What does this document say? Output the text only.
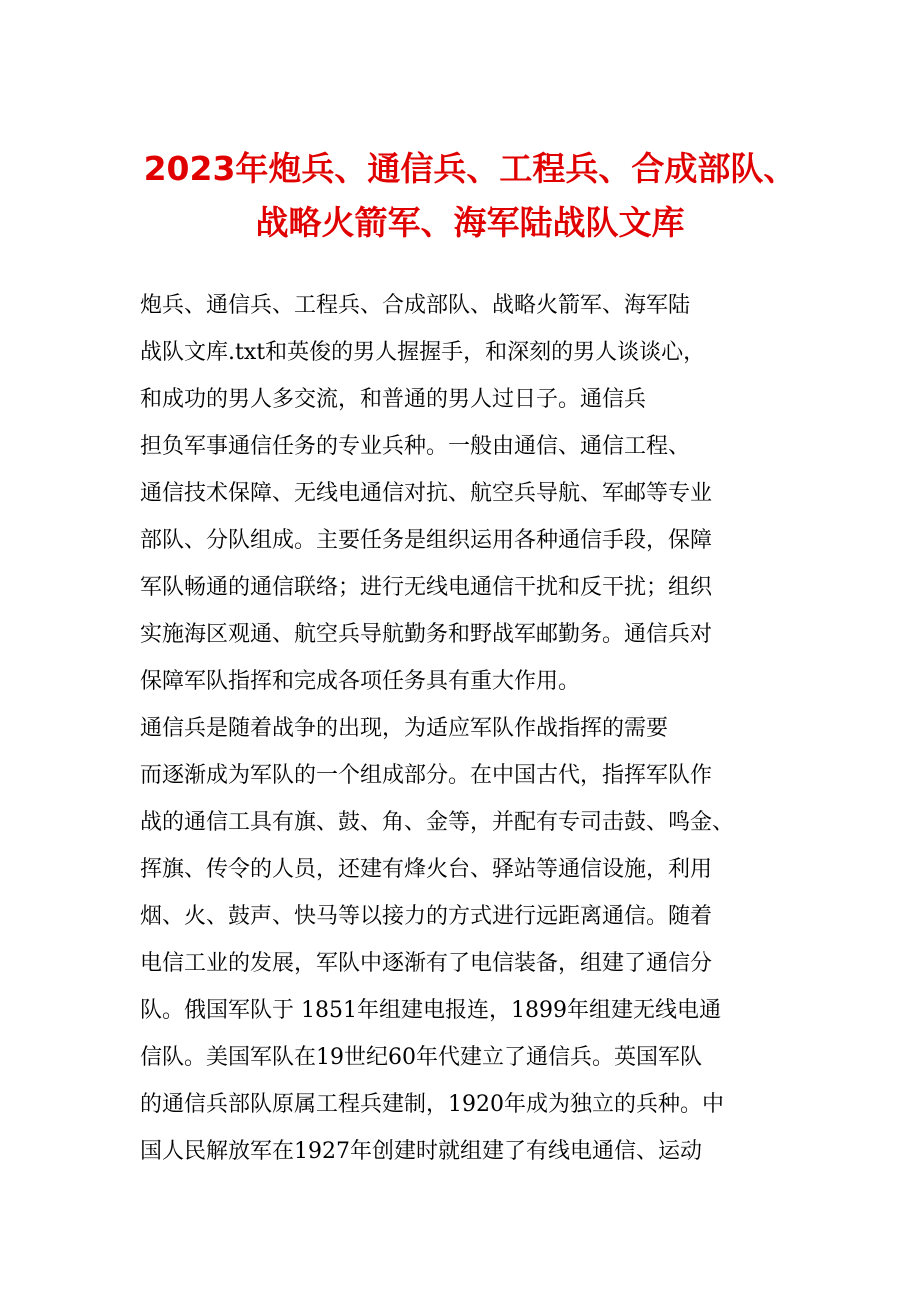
2023年炮兵、通信兵、工程兵、合成部队、
战略火箭军、海军陆战队文库
炮兵、通信兵、工程兵、合成部队、战略火箭军、海军陆
战队文库.txt和英俊的男人握握手，和深刻的男人谈谈心，
和成功的男人多交流，和普通的男人过日子。通信兵
担负军事通信任务的专业兵种。一般由通信、通信工程、
通信技术保障、无线电通信对抗、航空兵导航、军邮等专业
部队、分队组成。主要任务是组织运用各种通信手段，保障
军队畅通的通信联络；进行无线电通信干扰和反干扰；组织
实施海区观通、航空兵导航勤务和野战军邮勤务。通信兵对
保障军队指挥和完成各项任务具有重大作用。
通信兵是随着战争的出现，为适应军队作战指挥的需要
而逐渐成为军队的一个组成部分。在中国古代，指挥军队作
战的通信工具有旗、鼓、角、金等，并配有专司击鼓、鸣金、
挥旗、传令的人员，还建有烽火台、驿站等通信设施，利用
烟、火、鼓声、快马等以接力的方式进行远距离通信。随着
电信工业的发展，军队中逐渐有了电信装备，组建了通信分
队。俄国军队于 1851年组建电报连，1899年组建无线电通
信队。美国军队在19世纪60年代建立了通信兵。英国军队
的通信兵部队原属工程兵建制，1920年成为独立的兵种。中
国人民解放军在1927年创建时就组建了有线电通信、运动
